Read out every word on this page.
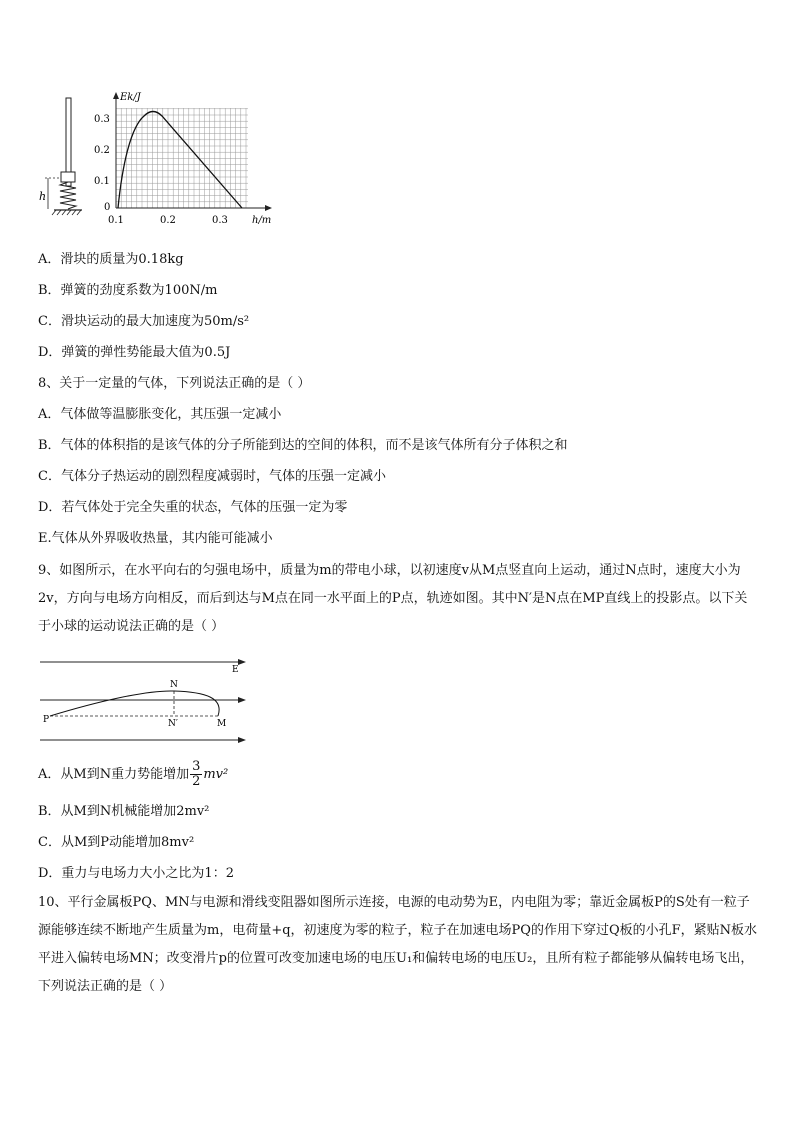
h
Ek/J
0.3
0.2
0.1
0
0.1	0.2	0.3 h/m
A．滑块的质量为0.18kg
B．弹簧的劲度系数为100N/m
C．滑块运动的最大加速度为50m/s²
D．弹簧的弹性势能最大值为0.5J
8、关于一定量的气体，下列说法正确的是（ ）
A．气体做等温膨胀变化，其压强一定减小
B．气体的体积指的是该气体的分子所能到达的空间的体积，而不是该气体所有分子体积之和
C．气体分子热运动的剧烈程度减弱时，气体的压强一定减小
D．若气体处于完全失重的状态，气体的压强一定为零
E.气体从外界吸收热量，其内能可能减小
9、如图所示，在水平向右的匀强电场中，质量为m的带电小球，以初速度v从M点竖直向上运动，通过N点时，速度大小为2v，方向与电场方向相反，而后到达与M点在同一水平面上的P点，轨迹如图。其中N′是N点在MP直线上的投影点。以下关于小球的运动说法正确的是（ ）
E
N
P	N′	M
A．从M到N重力势能增加 $\frac{3}{2} mv^2$
B．从M到N机械能增加2mv²
C．从M到P动能增加8mv²
D．重力与电场力大小之比为1：2
10、平行金属板PQ、MN与电源和滑线变阻器如图所示连接，电源的电动势为E，内电阻为零；靠近金属板P的S处有一粒子源能够连续不断地产生质量为m，电荷量+q，初速度为零的粒子，粒子在加速电场PQ的作用下穿过Q板的小孔F，紧贴N板水平进入偏转电场MN；改变滑片p的位置可改变加速电场的电压U₁和偏转电场的电压U₂，且所有粒子都能够从偏转电场飞出，下列说法正确的是（ ）
